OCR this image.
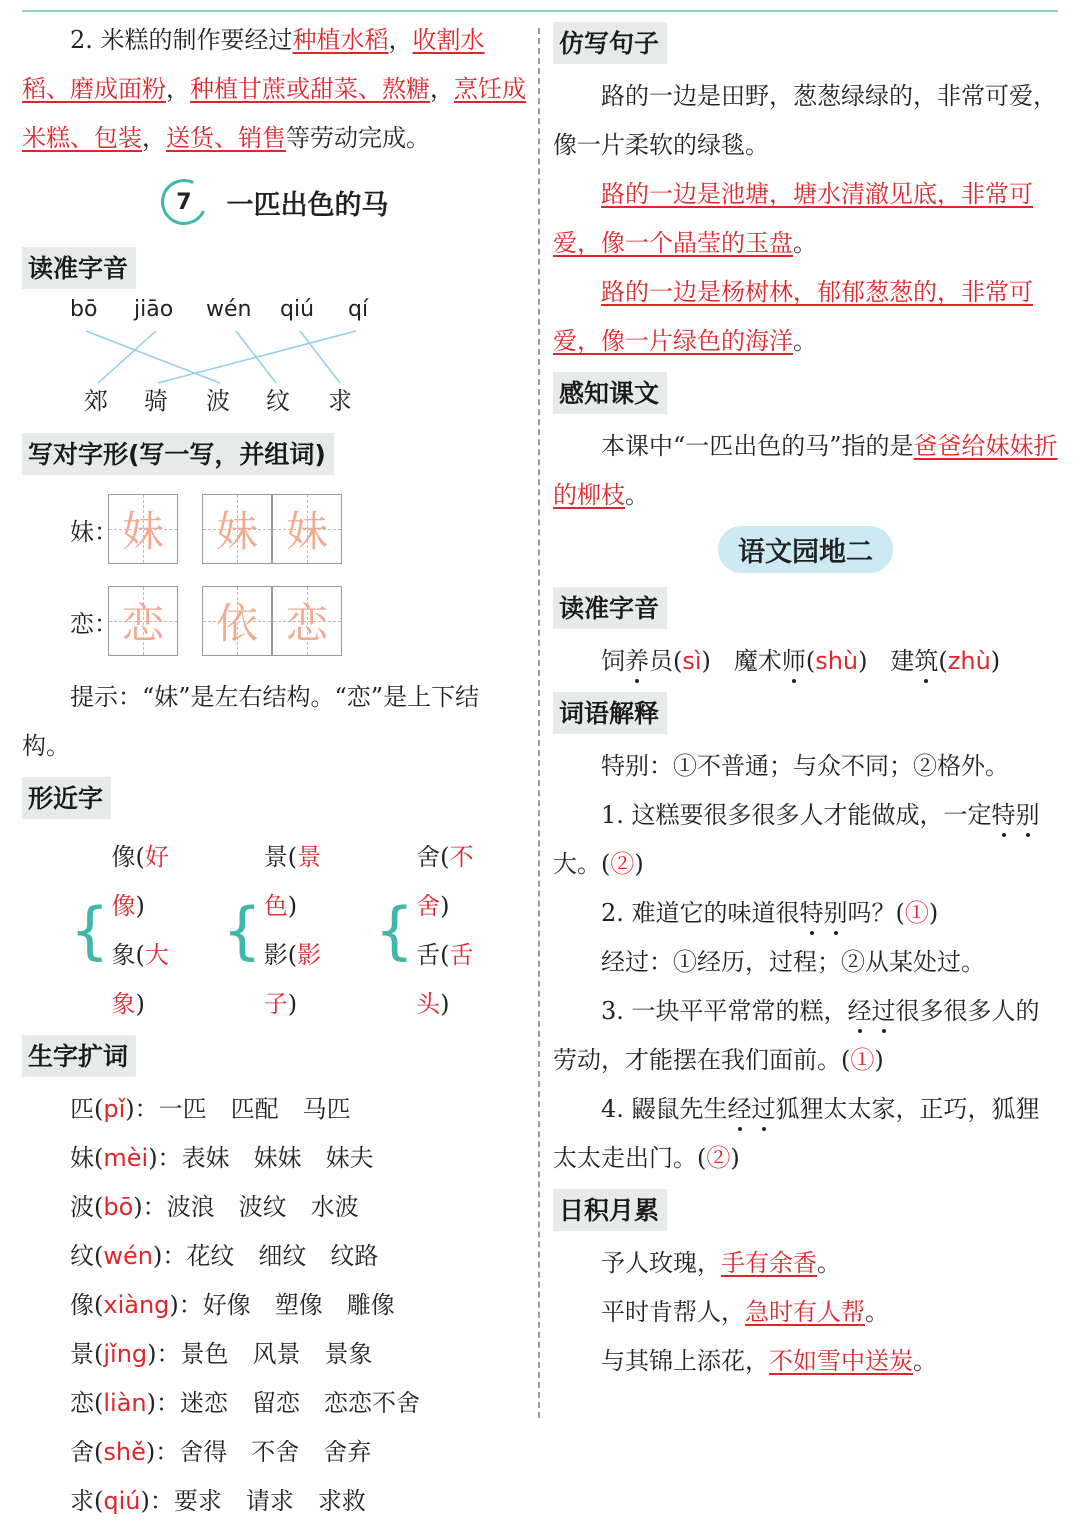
2. 米糕的制作要经过种植水稻，收割水稻、磨成面粉，种植甘蔗或甜菜、熬糖，烹饪成米糕、包装，送货、销售等劳动完成。

7 一匹出色的马
读准字音
bō jiāo wén qiú qí
郊 骑 波 纹 求
写对字形(写一写，并组词)
妹： 妹 妹 妹
恋： 恋 依 恋

提示：“妹”是左右结构。“恋”是上下结构。

形近字
{

像(好像)

象(大象)

{

景(景色)

影(影子)

{

舍(不舍)

舌(舌头)

生字扩词

匹(pǐ)：一匹 匹配 马匹

妹(mèi)：表妹 妹妹 妹夫

波(bō)：波浪 波纹 水波

纹(wén)：花纹 细纹 纹路

像(xiàng)：好像 塑像 雕像

景(jǐng)：景色 风景 景象

恋(liàn)：迷恋 留恋 恋恋不舍

舍(shě)：舍得 不舍 舍弃

求(qiú)：要求 请求 求救

仿写句子

路的一边是田野，葱葱绿绿的，非常可爱，像一片柔软的绿毯。

路的一边是池塘，塘水清澈见底，非常可爱，像一个晶莹的玉盘。

路的一边是杨树林，郁郁葱葱的，非常可爱，像一片绿色的海洋。

感知课文

本课中“一匹出色的马”指的是爸爸给妹妹折的柳枝。

语文园地二
读准字音

饲养
员(sì) 魔术师
(shù) 建筑
(zhù)

词语解释

特别：①不普通；与众不同；②格外。

1. 这糕要很多很多人才能做成，一定特
别
大。(②)

2. 难道它的味道很特
别
吗？(①)

经过：①经历，过程；②从某处过。

3. 一块平平常常的糕，经
过
很多很多人的劳动，才能摆在我们面前。(①)

4. 鼹鼠先生经
过
狐狸太太家，正巧，狐狸太太走出门。(②)

日积月累

予人玫瑰，手有余香。

平时肯帮人，急时有人帮。

与其锦上添花，不如雪中送炭。
